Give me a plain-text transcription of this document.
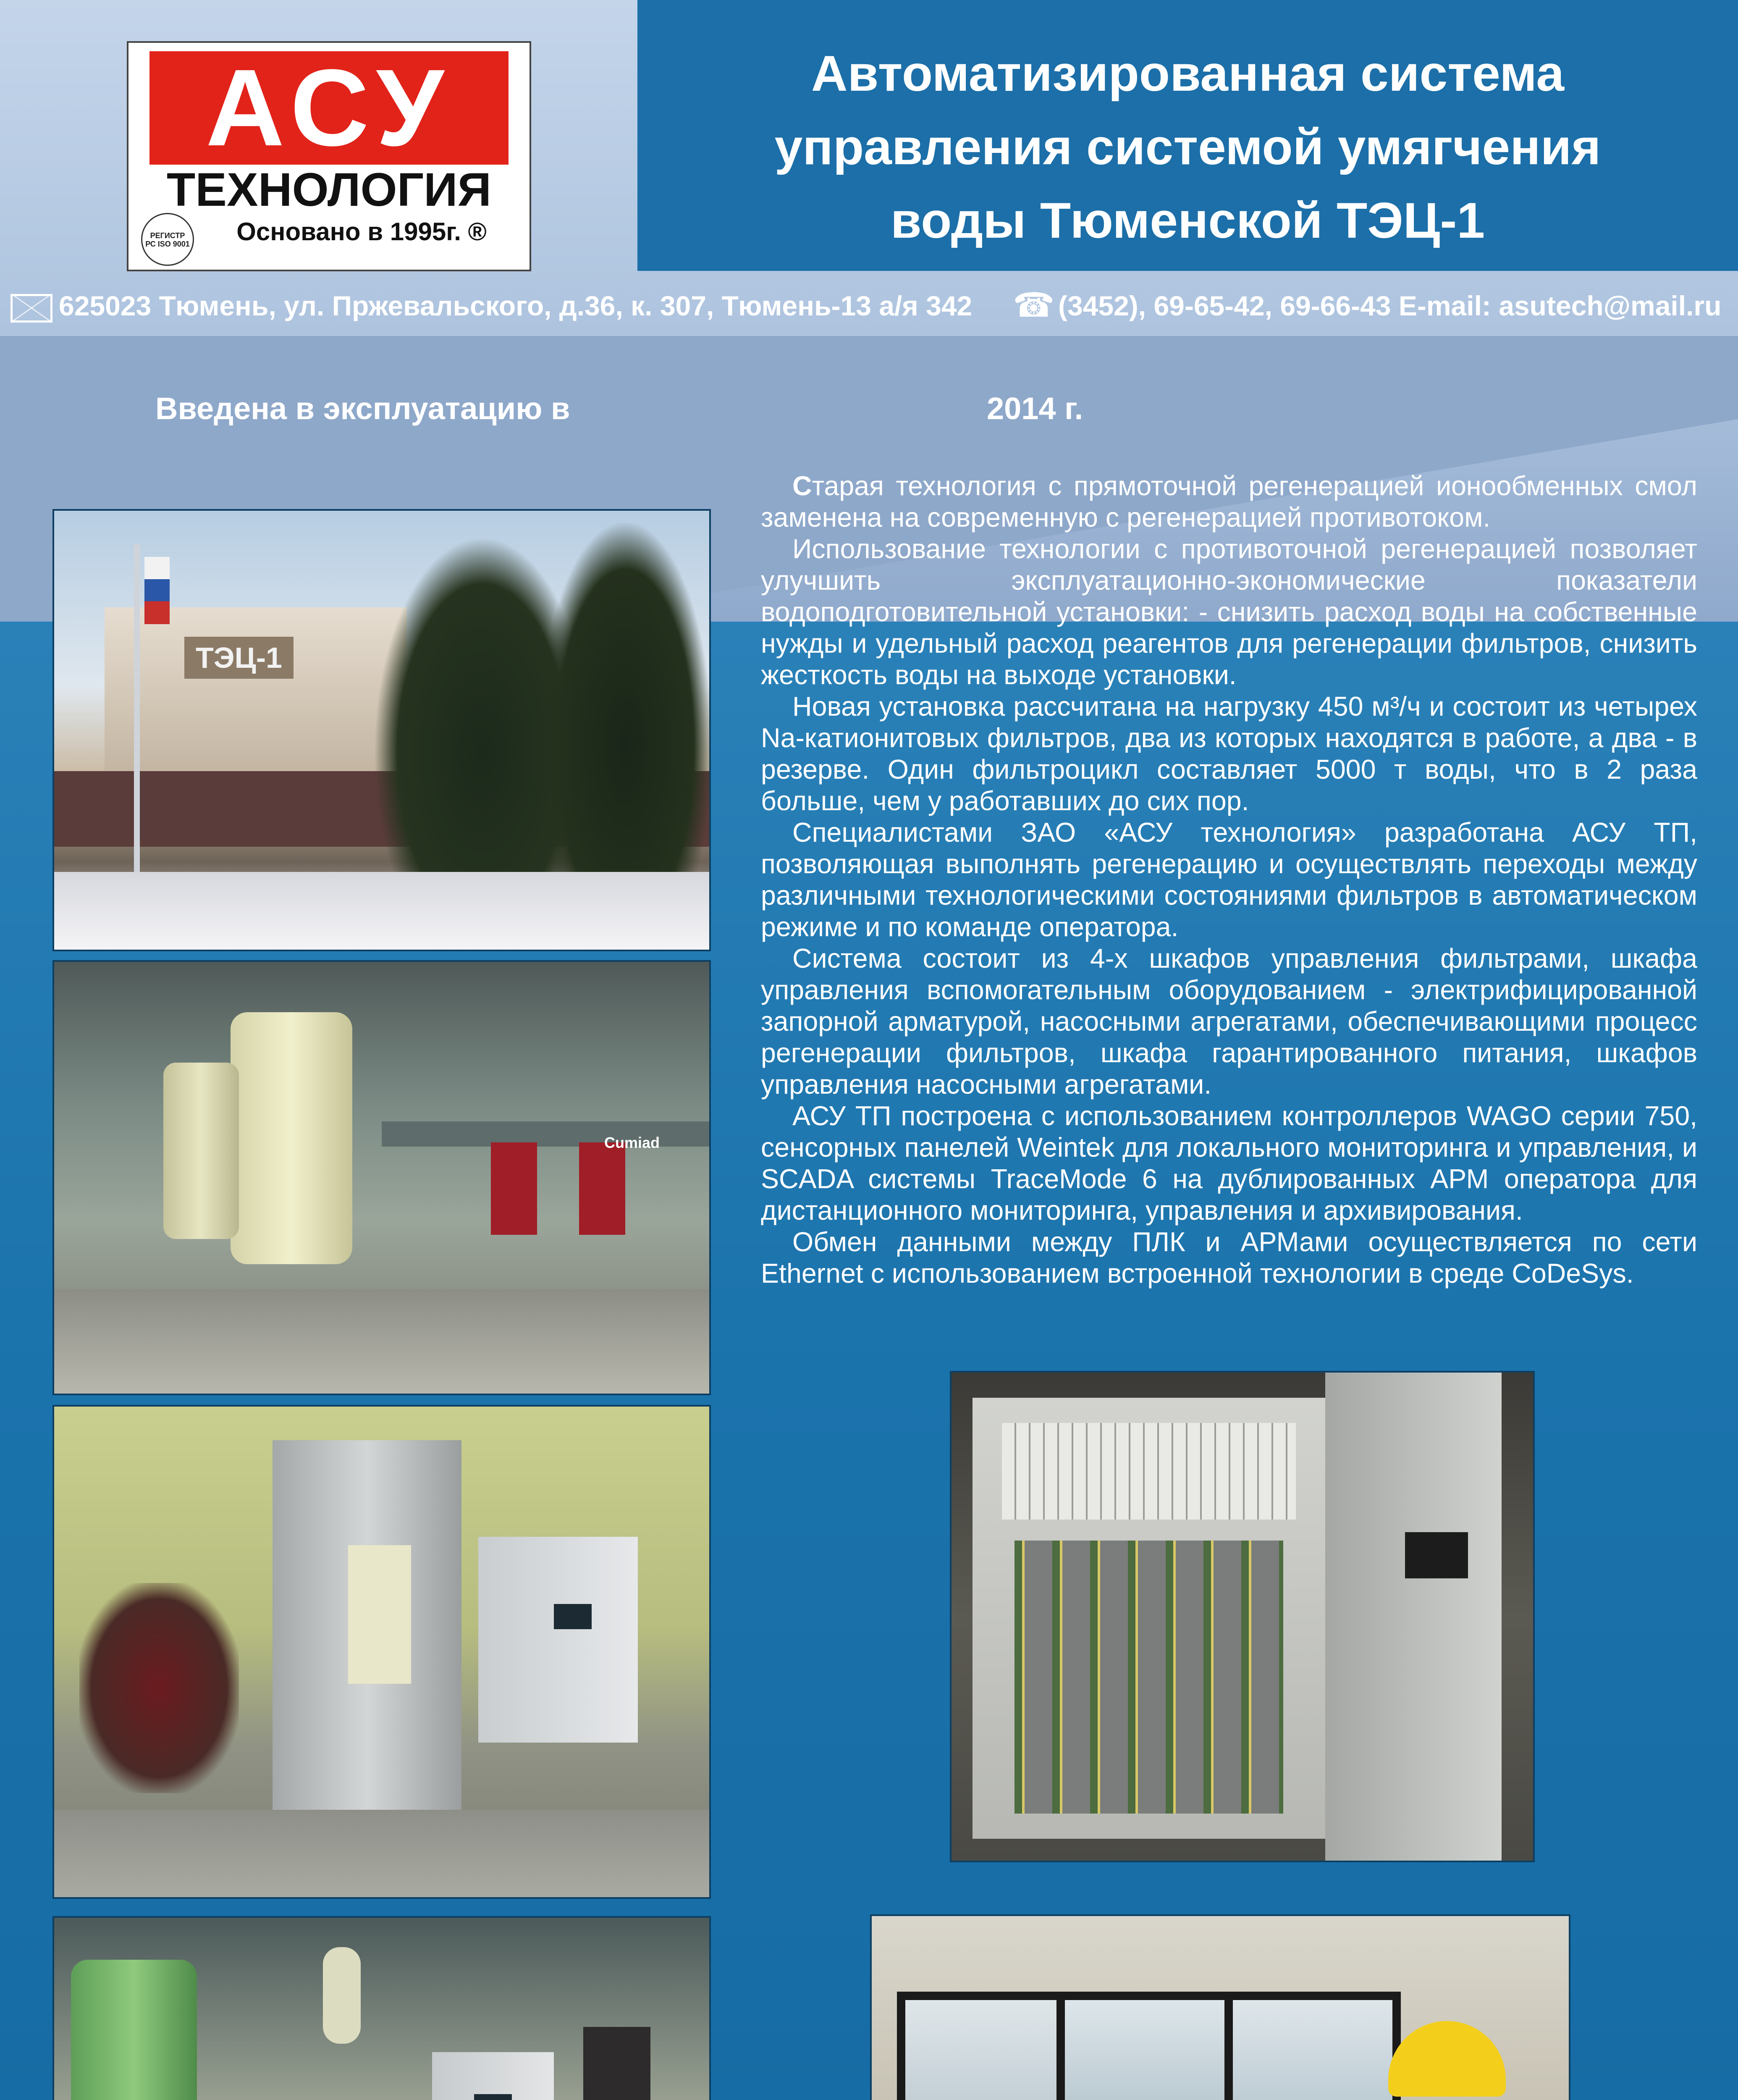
АСУ
ТЕХНОЛОГИЯ
РЕГИСТР РС ISO 9001	Основано в 1995г. ®
Автоматизированная система
управления системой умягчения
воды Тюменской ТЭЦ-1
625023 Тюмень, ул. Пржевальского, д.36, к. 307, Тюмень-13 а/я 342 ☎ (3452), 69-65-42, 69-66-43 E-mail: asutech@mail.ru
Введена в эксплуатацию в	2014 г.
ТЭЦ-1
Cumiad

Старая технология с прямоточной регенерацией ионообменных смол заменена на современную с регенерацией противотоком.

Использование технологии с противоточной регенерацией позволяет улучшить эксплуатационно-экономические показатели водоподготовительной установки: - снизить расход воды на собственные нужды и удельный расход реагентов для регенерации фильтров, снизить жесткость воды на выходе установки.

Новая установка рассчитана на нагрузку 450 м³/ч и состоит из четырех Na-катионитовых фильтров, два из которых находятся в работе, а два - в резерве. Один фильтроцикл составляет 5000 т воды, что в 2 раза больше, чем у работавших до сих пор.

Специалистами ЗАО «АСУ технология» разработана АСУ ТП, позволяющая выполнять регенерацию и осуществлять переходы между различными технологическими состояниями фильтров в автоматическом режиме и по команде оператора.

Система состоит из 4-х шкафов управления фильтрами, шкафа управления вспомогательным оборудованием - электрифицированной запорной арматурой, насосными агрегатами, обеспечивающими процесс регенерации фильтров, шкафа гарантированного питания, шкафов управления насосными агрегатами.

АСУ ТП построена с использованием контроллеров WAGO серии 750, сенсорных панелей Weintek для локального мониторинга и управления, и SCADA системы TraceMode 6 на дублированных АРМ оператора для дистанционного мониторинга, управления и архивирования.

Обмен данными между ПЛК и АРМами осуществляется по сети Ethernet с использованием встроенной технологии в среде CoDeSys.
